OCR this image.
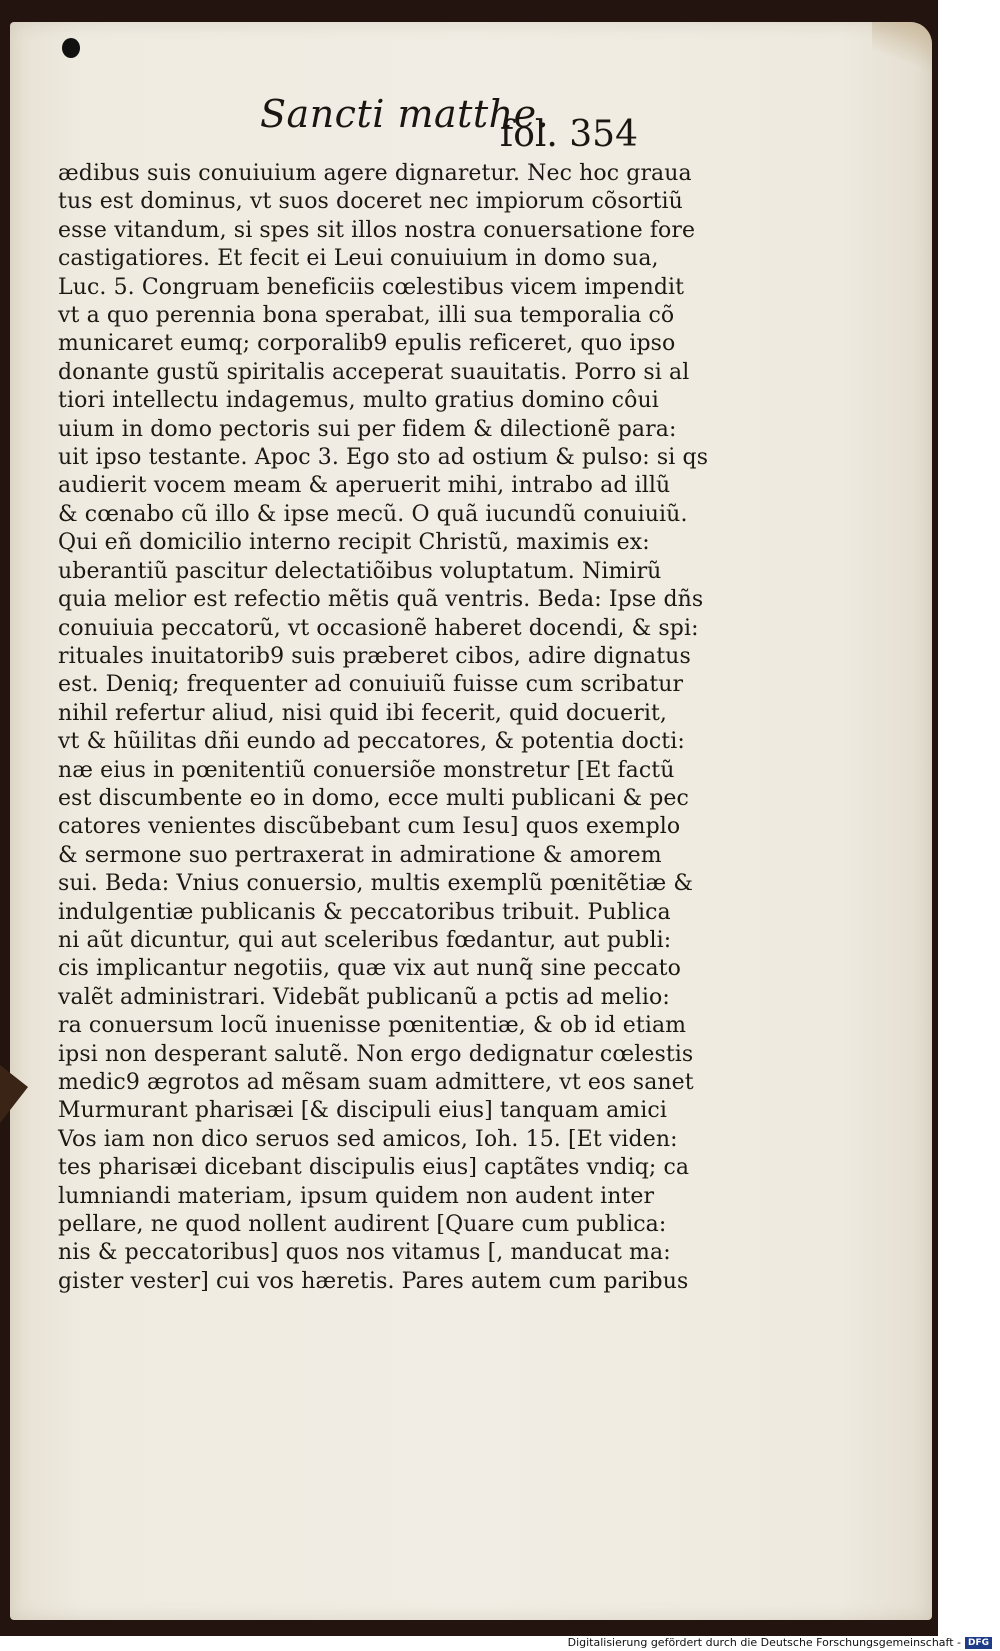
Sancti matthe.
fol. 354
ædibus suis conuiuium agere dignaretur. Nec hoc graua
tus est dominus, vt suos doceret nec impiorum cõsortiũ
esse vitandum, si spes sit illos nostra conuersatione fore
castigatiores. Et fecit ei Leui conuiuium in domo sua,
Luc. 5. Congruam beneficiis cœlestibus vicem impendit
vt a quo perennia bona sperabat, illi sua temporalia cõ
municaret eumq; corporalib9 epulis reficeret, quo ipso
donante gustũ spiritalis acceperat suauitatis. Porro si al
tiori intellectu indagemus, multo gratius domino côui
uium in domo pectoris sui per fidem & dilectionẽ para:
uit ipso testante. Apoc 3. Ego sto ad ostium & pulso: si qs
audierit vocem meam & aperuerit mihi, intrabo ad illũ
& cœnabo cũ illo & ipse mecũ. O quã iucundũ conuiuiũ.
Qui eñ domicilio interno recipit Christũ, maximis ex:
uberantiũ pascitur delectatiõibus voluptatum. Nimirũ
quia melior est refectio mẽtis quã ventris. Beda: Ipse dñs
conuiuia peccatorũ, vt occasionẽ haberet docendi, & spi:
rituales inuitatorib9 suis præberet cibos, adire dignatus
est. Deniq; frequenter ad conuiuiũ fuisse cum scribatur
nihil refertur aliud, nisi quid ibi fecerit, quid docuerit,
vt & hũilitas dñi eundo ad peccatores, & potentia docti:
næ eius in pœnitentiũ conuersiõe monstretur [Et factũ
est discumbente eo in domo, ecce multi publicani & pec
catores venientes discũbebant cum Iesu] quos exemplo
& sermone suo pertraxerat in admiratione & amorem
sui. Beda: Vnius conuersio, multis exemplũ pœnitẽtiæ &
indulgentiæ publicanis & peccatoribus tribuit. Publica
ni aũt dicuntur, qui aut sceleribus fœdantur, aut publi:
cis implicantur negotiis, quæ vix aut nunq̃ sine peccato
valẽt administrari. Videbãt publicanũ a pctis ad melio:
ra conuersum locũ inuenisse pœnitentiæ, & ob id etiam
ipsi non desperant salutẽ. Non ergo dedignatur cœlestis
medic9 ægrotos ad mẽsam suam admittere, vt eos sanet
Murmurant pharisæi [& discipuli eius] tanquam amici
Vos iam non dico seruos sed amicos, Ioh. 15. [Et viden:
tes pharisæi dicebant discipulis eius] captãtes vndiq; ca
lumniandi materiam, ipsum quidem non audent inter
pellare, ne quod nollent audirent [Quare cum publica:
nis & peccatoribus] quos nos vitamus [, manducat ma:
gister vester] cui vos hæretis. Pares autem cum paribus
Digitalisierung gefördert durch die Deutsche Forschungsgemeinschaft - DFG
